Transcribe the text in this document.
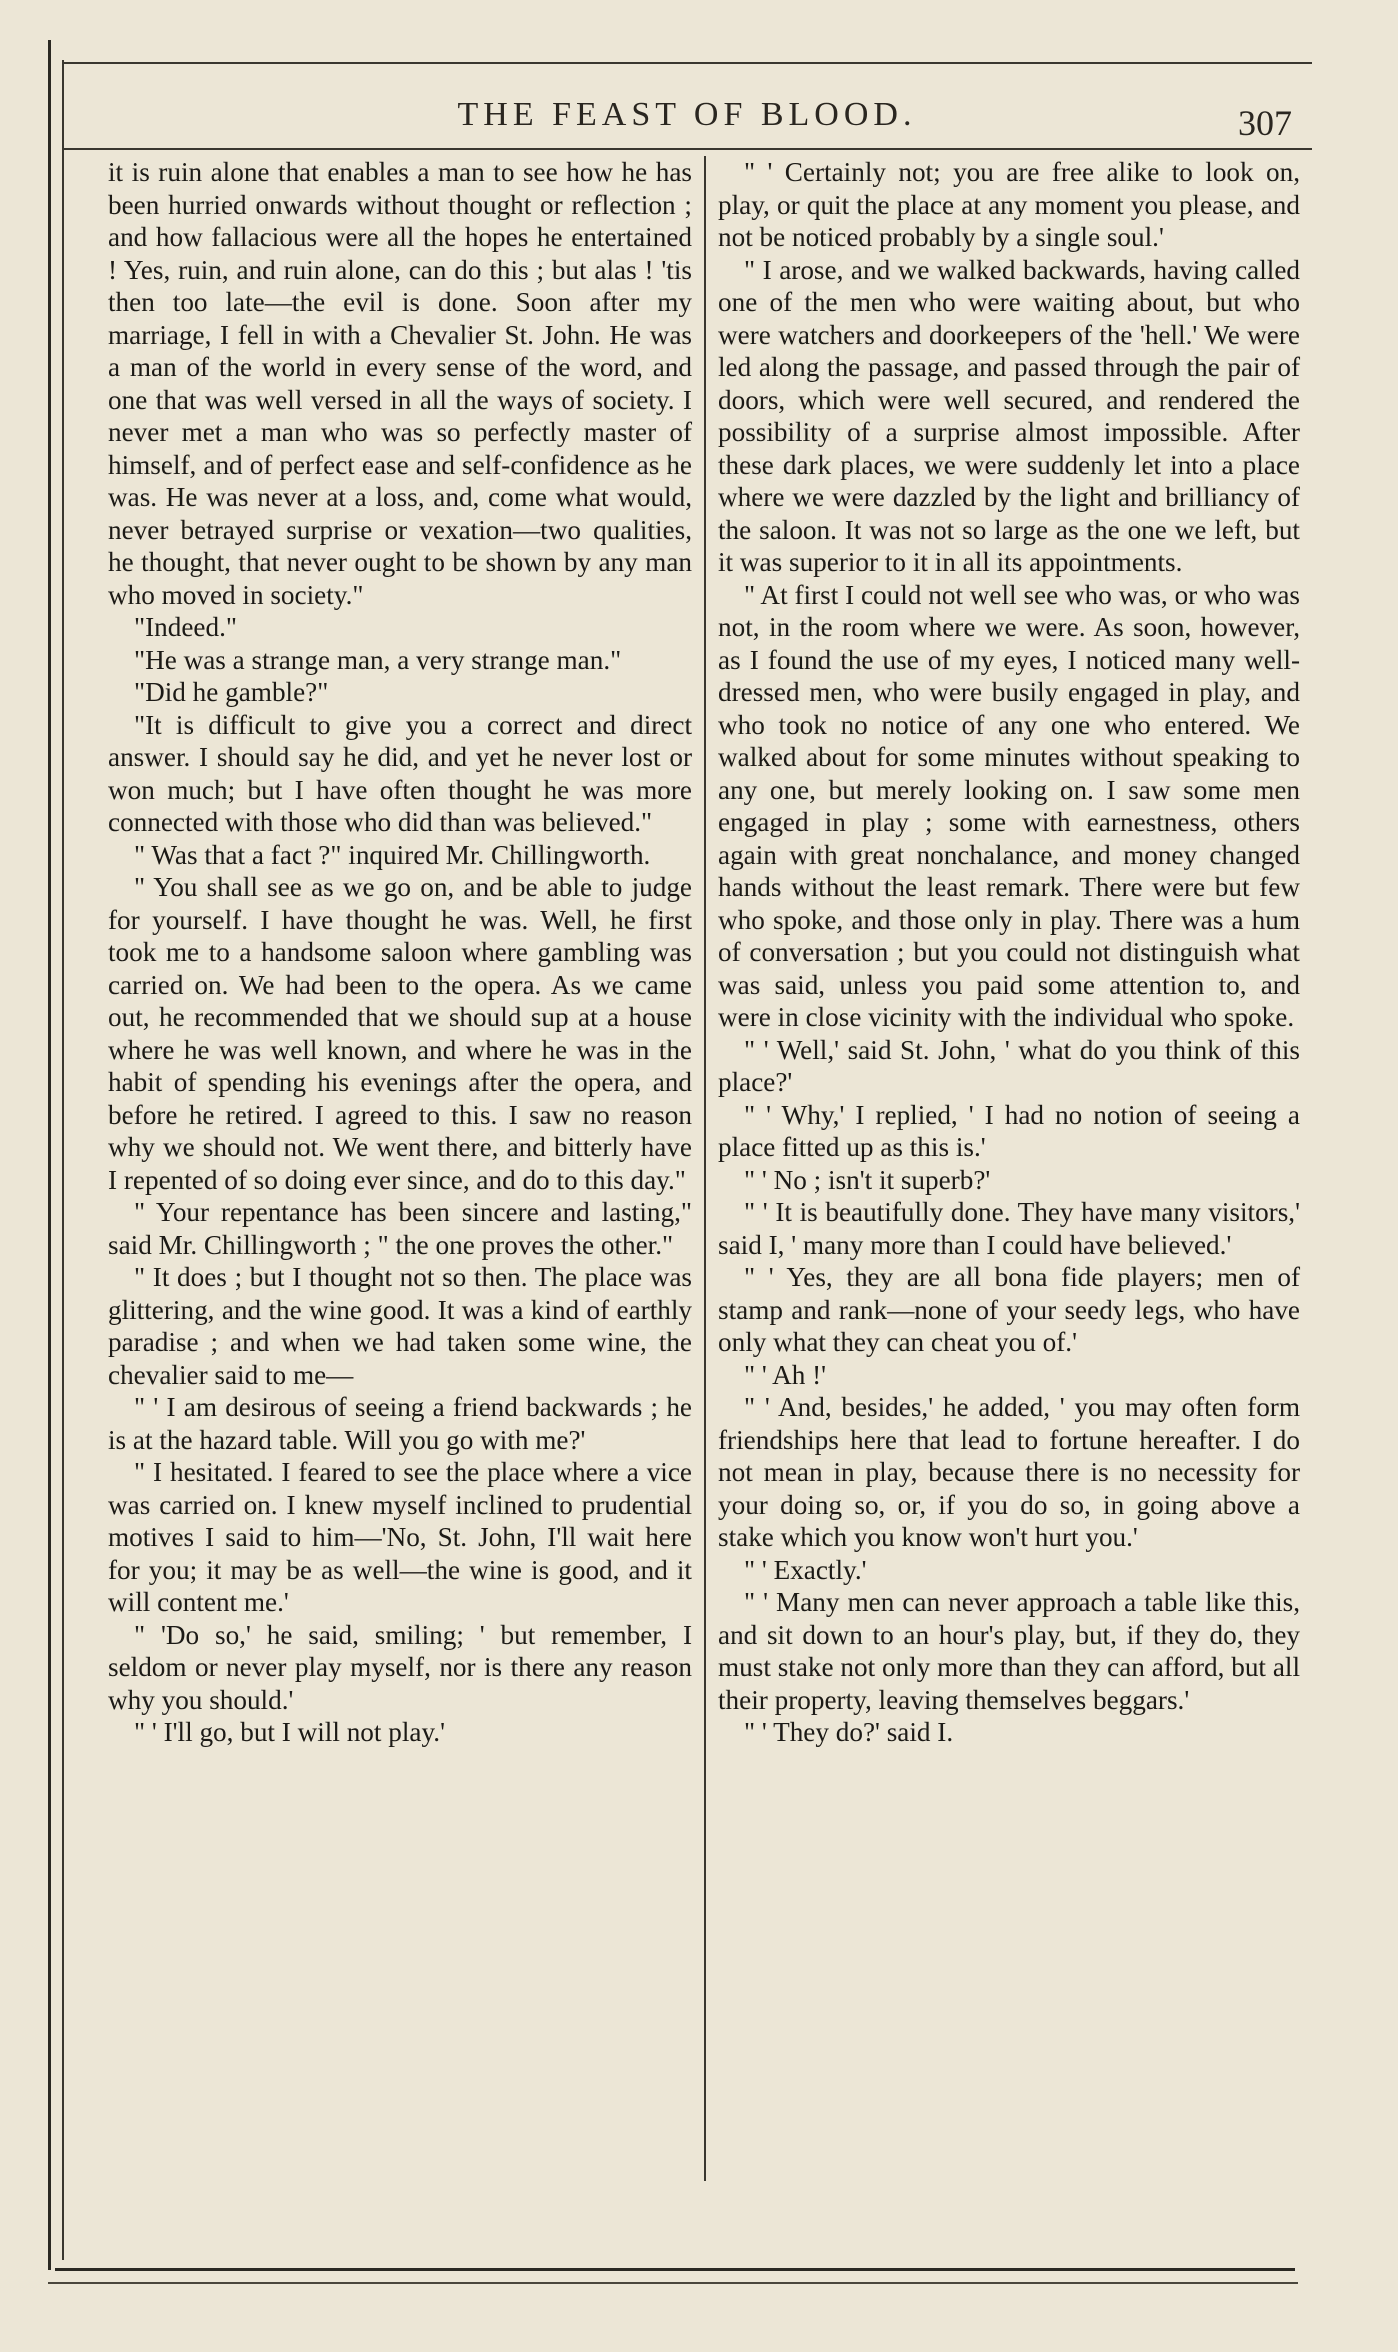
THE FEAST OF BLOOD.	307

it is ruin alone that enables a man to see how he has been hurried onwards without thought or reflection ; and how fallacious were all the hopes he entertained ! Yes, ruin, and ruin alone, can do this ; but alas ! 'tis then too late—the evil is done. Soon after my marriage, I fell in with a Chevalier St. John. He was a man of the world in every sense of the word, and one that was well versed in all the ways of society. I never met a man who was so perfectly master of himself, and of perfect ease and self-confidence as he was. He was never at a loss, and, come what would, never betrayed surprise or vexation—two qualities, he thought, that never ought to be shown by any man who moved in society."

"Indeed."

"He was a strange man, a very strange man."

"Did he gamble?"

"It is difficult to give you a correct and direct answer. I should say he did, and yet he never lost or won much; but I have often thought he was more connected with those who did than was believed."

" Was that a fact ?" inquired Mr. Chillingworth.

" You shall see as we go on, and be able to judge for yourself. I have thought he was. Well, he first took me to a handsome saloon where gambling was carried on. We had been to the opera. As we came out, he recommended that we should sup at a house where he was well known, and where he was in the habit of spending his evenings after the opera, and before he retired. I agreed to this. I saw no reason why we should not. We went there, and bitterly have I repented of so doing ever since, and do to this day."

" Your repentance has been sincere and lasting," said Mr. Chillingworth ; " the one proves the other."

" It does ; but I thought not so then. The place was glittering, and the wine good. It was a kind of earthly paradise ; and when we had taken some wine, the chevalier said to me—

" ' I am desirous of seeing a friend backwards ; he is at the hazard table. Will you go with me?'

" I hesitated. I feared to see the place where a vice was carried on. I knew myself inclined to prudential motives I said to him—'No, St. John, I'll wait here for you; it may be as well—the wine is good, and it will content me.'

" 'Do so,' he said, smiling; ' but remember, I seldom or never play myself, nor is there any reason why you should.'

" ' I'll go, but I will not play.'

" ' Certainly not; you are free alike to look on, play, or quit the place at any moment you please, and not be noticed probably by a single soul.'

" I arose, and we walked backwards, having called one of the men who were waiting about, but who were watchers and doorkeepers of the 'hell.' We were led along the passage, and passed through the pair of doors, which were well secured, and rendered the possibility of a surprise almost impossible. After these dark places, we were suddenly let into a place where we were dazzled by the light and brilliancy of the saloon. It was not so large as the one we left, but it was superior to it in all its appointments.

" At first I could not well see who was, or who was not, in the room where we were. As soon, however, as I found the use of my eyes, I noticed many well-dressed men, who were busily engaged in play, and who took no notice of any one who entered. We walked about for some minutes without speaking to any one, but merely looking on. I saw some men engaged in play ; some with earnestness, others again with great nonchalance, and money changed hands without the least remark. There were but few who spoke, and those only in play. There was a hum of conversation ; but you could not distinguish what was said, unless you paid some attention to, and were in close vicinity with the individual who spoke.

" ' Well,' said St. John, ' what do you think of this place?'

" ' Why,' I replied, ' I had no notion of seeing a place fitted up as this is.'

" ' No ; isn't it superb?'

" ' It is beautifully done. They have many visitors,' said I, ' many more than I could have believed.'

" ' Yes, they are all bona fide players; men of stamp and rank—none of your seedy legs, who have only what they can cheat you of.'

" ' Ah !'

" ' And, besides,' he added, ' you may often form friendships here that lead to fortune hereafter. I do not mean in play, because there is no necessity for your doing so, or, if you do so, in going above a stake which you know won't hurt you.'

" ' Exactly.'

" ' Many men can never approach a table like this, and sit down to an hour's play, but, if they do, they must stake not only more than they can afford, but all their property, leaving themselves beggars.'

" ' They do?' said I.
